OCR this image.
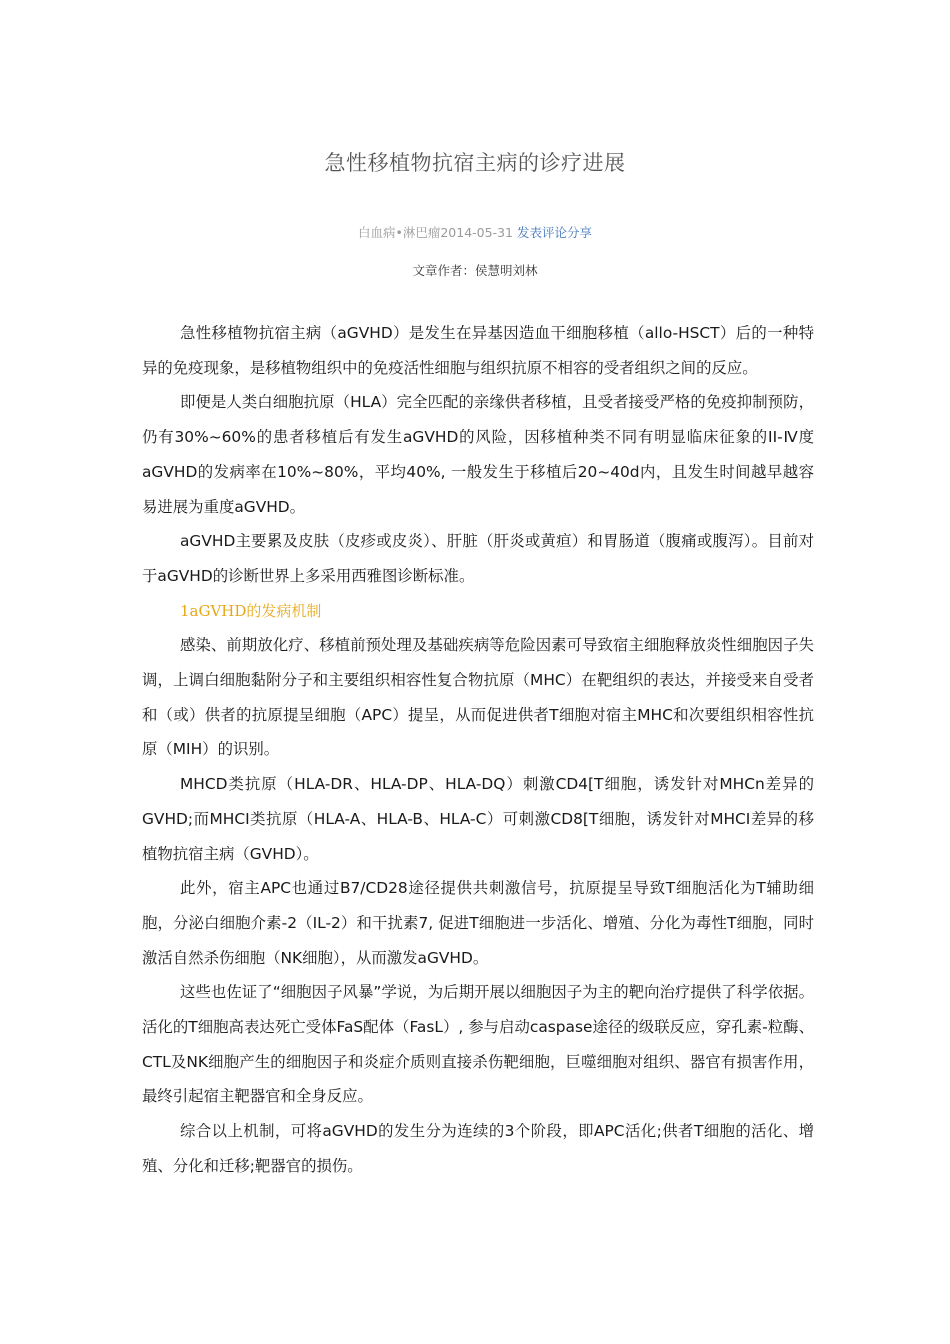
急性移植物抗宿主病的诊疗进展
白血病•淋巴瘤2014-05-31 发表评论分享
文章作者：侯慧明刘林

急性移植物抗宿主病（aGVHD）是发生在异基因造血干细胞移植（allo-HSCT）后的一种特异的免疫现象，是移植物组织中的免疫活性细胞与组织抗原不相容的受者组织之间的反应。

即便是人类白细胞抗原（HLA）完全匹配的亲缘供者移植，且受者接受严格的免疫抑制预防，仍有30%~60%的患者移植后有发生aGVHD的风险，因移植种类不同有明显临床征象的II-Ⅳ度aGVHD的发病率在10%~80%，平均40%, 一般发生于移植后20~40d内，且发生时间越早越容易进展为重度aGVHD。

aGVHD主要累及皮肤（皮疹或皮炎）、肝脏（肝炎或黄疸）和胃肠道（腹痛或腹泻）。目前对于aGVHD的诊断世界上多采用西雅图诊断标准。

1aGVHD的发病机制

感染、前期放化疗、移植前预处理及基础疾病等危险因素可导致宿主细胞释放炎性细胞因子失调，上调白细胞黏附分子和主要组织相容性复合物抗原（MHC）在靶组织的表达，并接受来自受者和（或）供者的抗原提呈细胞（APC）提呈，从而促进供者T细胞对宿主MHC和次要组织相容性抗原（MIH）的识别。

MHCD类抗原（HLA-DR、HLA-DP、HLA-DQ）刺激CD4[T细胞，诱发针对MHCn差异的GVHD;而MHCI类抗原（HLA-A、HLA-B、HLA-C）可刺激CD8[T细胞，诱发针对MHCI差异的移植物抗宿主病（GVHD）。

此外，宿主APC也通过B7/CD28途径提供共刺激信号，抗原提呈导致T细胞活化为T辅助细胞，分泌白细胞介素-2（IL-2）和干扰素7, 促进T细胞进一步活化、增殖、分化为毒性T细胞，同时激活自然杀伤细胞（NK细胞），从而激发aGVHD。

这些也佐证了“细胞因子风暴”学说，为后期开展以细胞因子为主的靶向治疗提供了科学依据。活化的T细胞高表达死亡受体FaS配体（FasL）, 参与启动caspase途径的级联反应，穿孔素-粒酶、CTL及NK细胞产生的细胞因子和炎症介质则直接杀伤靶细胞，巨噬细胞对组织、器官有损害作用，最终引起宿主靶器官和全身反应。

综合以上机制，可将aGVHD的发生分为连续的3个阶段，即APC活化;供者T细胞的活化、增殖、分化和迁移;靶器官的损伤。
